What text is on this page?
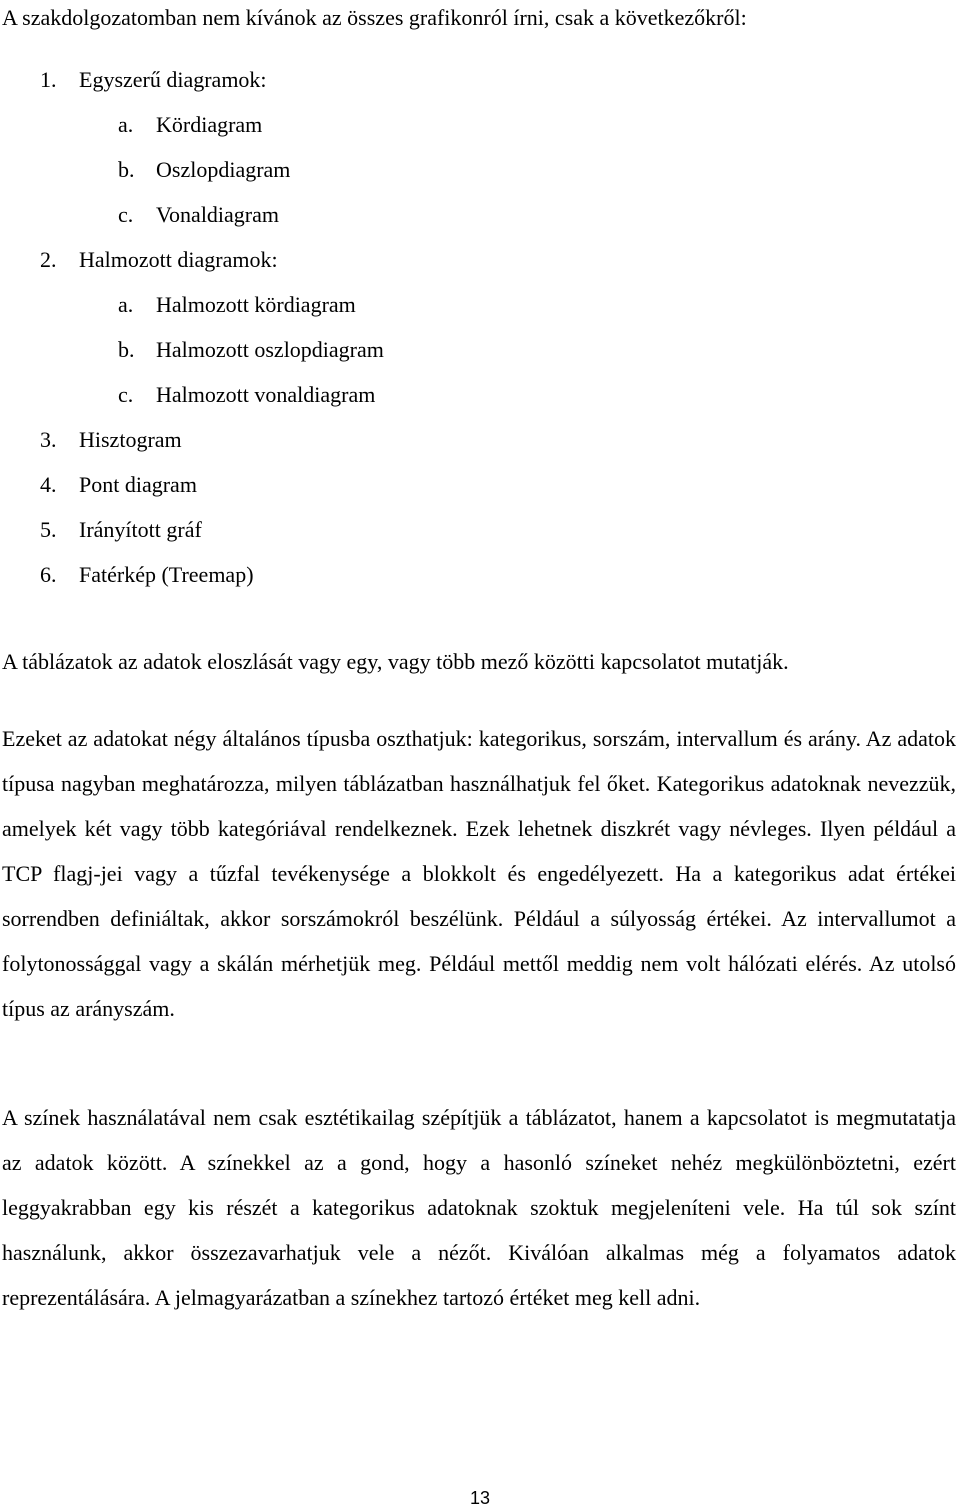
A szakdolgozatomban nem kívánok az összes grafikonról írni, csak a következőkről:
1. Egyszerű diagramok:
a. Kördiagram
b. Oszlopdiagram
c. Vonaldiagram
2. Halmozott diagramok:
a. Halmozott kördiagram
b. Halmozott oszlopdiagram
c. Halmozott vonaldiagram
3. Hisztogram
4. Pont diagram
5. Irányított gráf
6. Fatérkép (Treemap)
A táblázatok az adatok eloszlását vagy egy, vagy több mező közötti kapcsolatot mutatják.
Ezeket az adatokat négy általános típusba oszthatjuk: kategorikus, sorszám, intervallum és arány. Az adatok típusa nagyban meghatározza, milyen táblázatban használhatjuk fel őket. Kategorikus adatoknak nevezzük, amelyek két vagy több kategóriával rendelkeznek. Ezek lehetnek diszkrét vagy névleges. Ilyen például a TCP flagj-jei vagy a tűzfal tevékenysége a blokkolt és engedélyezett. Ha a kategorikus adat értékei sorrendben definiáltak, akkor sorszámokról beszélünk. Például a súlyosság értékei. Az intervallumot a folytonossággal vagy a skálán mérhetjük meg. Például mettől meddig nem volt hálózati elérés. Az utolsó típus az arányszám.
A színek használatával nem csak esztétikailag szépítjük a táblázatot, hanem a kapcsolatot is megmutatatja az adatok között. A színekkel az a gond, hogy a hasonló színeket nehéz megkülönböztetni, ezért leggyakrabban egy kis részét a kategorikus adatoknak szoktuk megjeleníteni vele. Ha túl sok színt használunk, akkor összezavarhatjuk vele a nézőt. Kiválóan alkalmas még a folyamatos adatok reprezentálására. A jelmagyarázatban a színekhez tartozó értéket meg kell adni.
13
